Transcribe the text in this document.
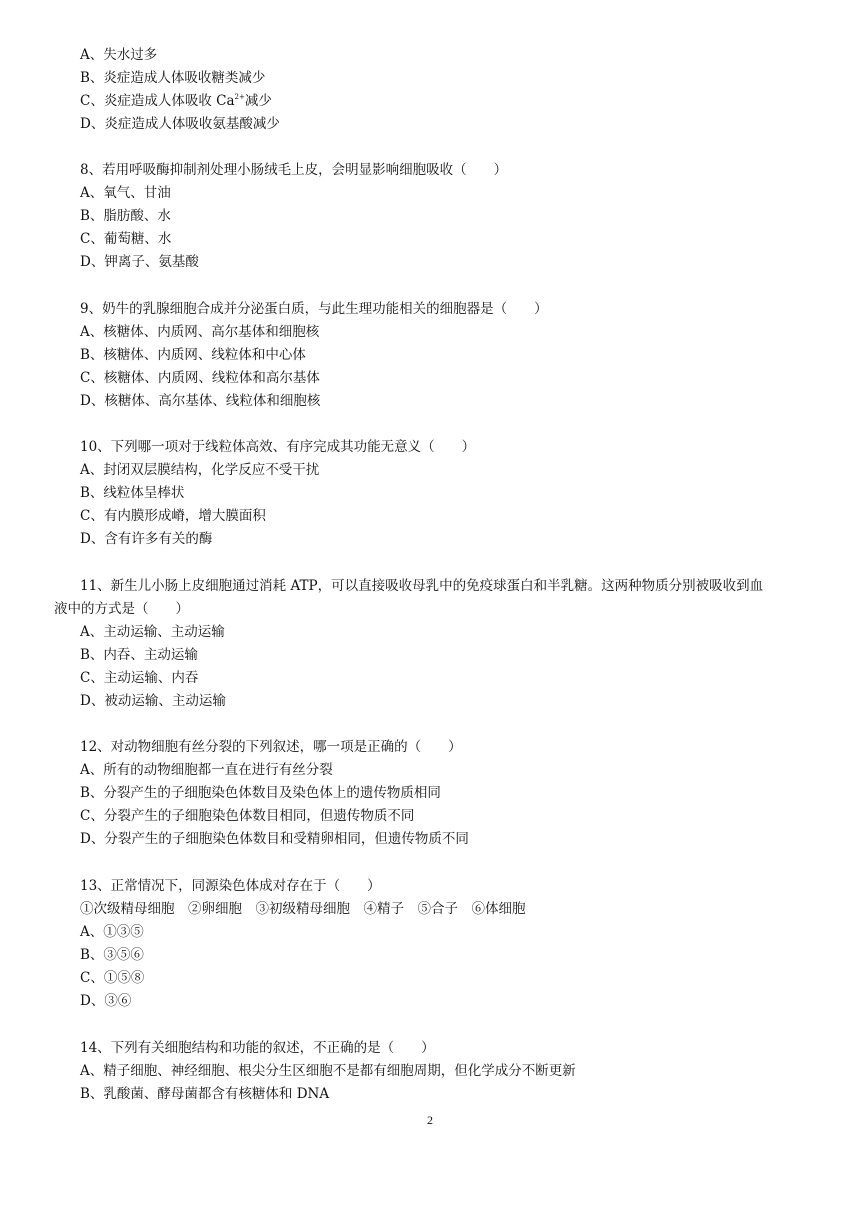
A、失水过多
B、炎症造成人体吸收糖类减少
C、炎症造成人体吸收 $Ca^{2+}$减少
D、炎症造成人体吸收氨基酸减少
8、若用呼吸酶抑制剂处理小肠绒毛上皮，会明显影响细胞吸收（　　）
A、氧气、甘油
B、脂肪酸、水
C、葡萄糖、水
D、钾离子、氨基酸
9、奶牛的乳腺细胞合成并分泌蛋白质，与此生理功能相关的细胞器是（　　）
A、核糖体、内质网、高尔基体和细胞核
B、核糖体、内质网、线粒体和中心体
C、核糖体、内质网、线粒体和高尔基体
D、核糖体、高尔基体、线粒体和细胞核
10、下列哪一项对于线粒体高效、有序完成其功能无意义（　　）
A、封闭双层膜结构，化学反应不受干扰
B、线粒体呈棒状
C、有内膜形成嵴，增大膜面积
D、含有许多有关的酶
11、新生儿小肠上皮细胞通过消耗 ATP，可以直接吸收母乳中的免疫球蛋白和半乳糖。这两种物质分别被吸收到血
液中的方式是（　　）
A、主动运输、主动运输
B、内吞、主动运输
C、主动运输、内吞
D、被动运输、主动运输
12、对动物细胞有丝分裂的下列叙述，哪一项是正确的（　　）
A、所有的动物细胞都一直在进行有丝分裂
B、分裂产生的子细胞染色体数目及染色体上的遗传物质相同
C、分裂产生的子细胞染色体数目相同，但遗传物质不同
D、分裂产生的子细胞染色体数目和受精卵相同，但遗传物质不同
13、正常情况下，同源染色体成对存在于（　　）
①次级精母细胞　②卵细胞　③初级精母细胞　④精子　⑤合子　⑥体细胞
A、①③⑤
B、③⑤⑥
C、①⑤⑧
D、③⑥
14、下列有关细胞结构和功能的叙述，不正确的是（　　）
A、精子细胞、神经细胞、根尖分生区细胞不是都有细胞周期，但化学成分不断更新
B、乳酸菌、酵母菌都含有核糖体和 DNA
2
